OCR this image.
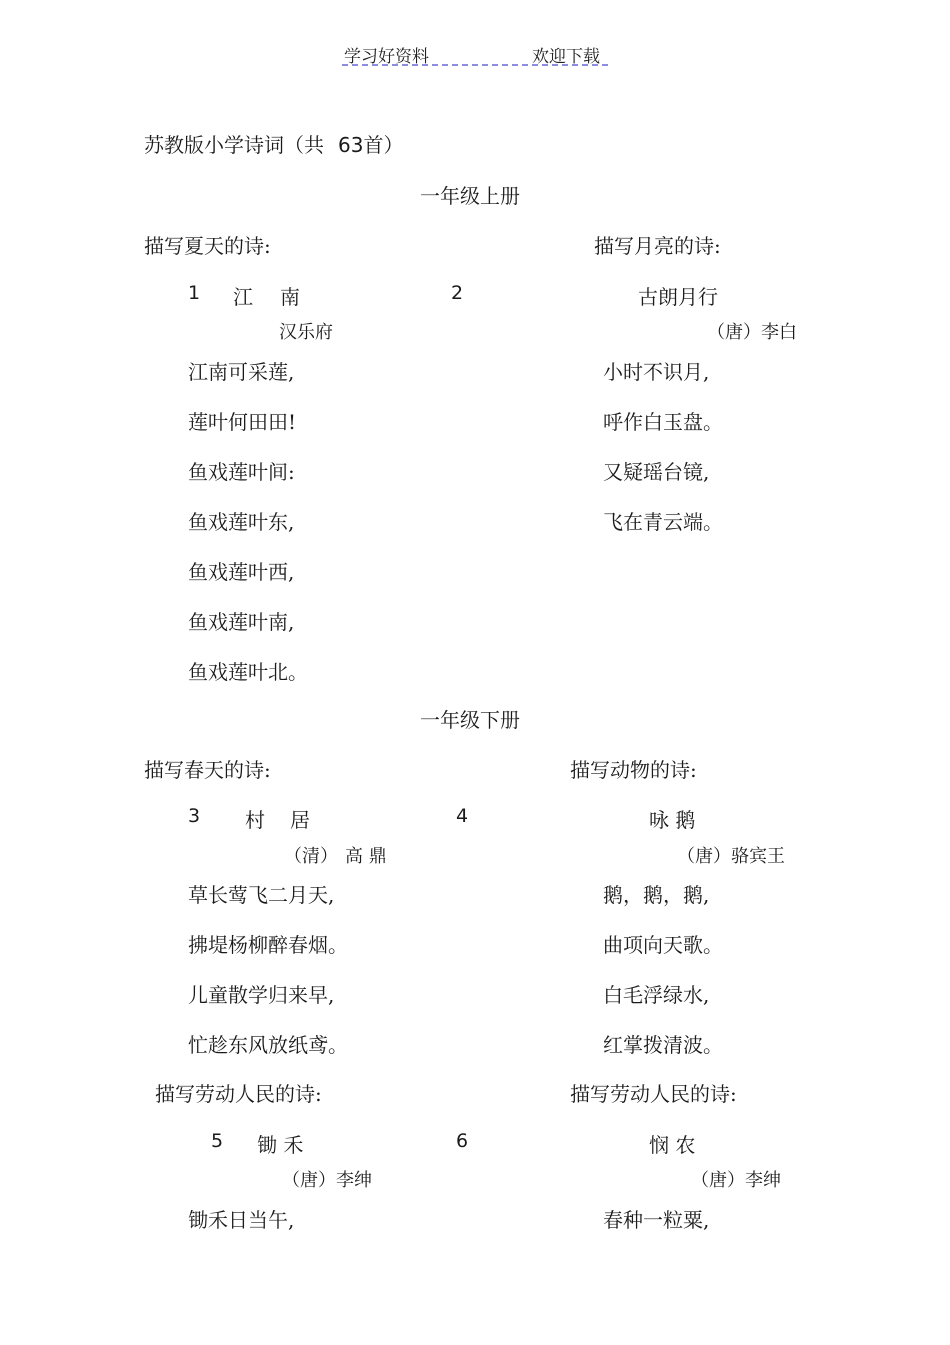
学习好资料	欢迎下载
苏教版小学诗词（共 63首）
一年级上册
描写夏天的诗:	描写月亮的诗:
1 江 南	2	古朗月行
汉乐府	（唐）李白
江南可采莲,
莲叶何田田!
鱼戏莲叶间:
鱼戏莲叶东,
鱼戏莲叶西,
鱼戏莲叶南,
鱼戏莲叶北。
小时不识月,
呼作白玉盘。
又疑瑶台镜,
飞在青云端。
一年级下册
描写春天的诗:	描写动物的诗:
3 村 居	4	咏 鹅
（清） 高 鼎	（唐）骆宾王
草长莺飞二月天,
拂堤杨柳醉春烟。
儿童散学归来早,
忙趁东风放纸鸢。
鹅，鹅，鹅,
曲项向天歌。
白毛浮绿水,
红掌拨清波。
描写劳动人民的诗:	描写劳动人民的诗:
5 锄 禾	6	悯 农
（唐）李绅	（唐）李绅
锄禾日当午,	春种一粒粟,
